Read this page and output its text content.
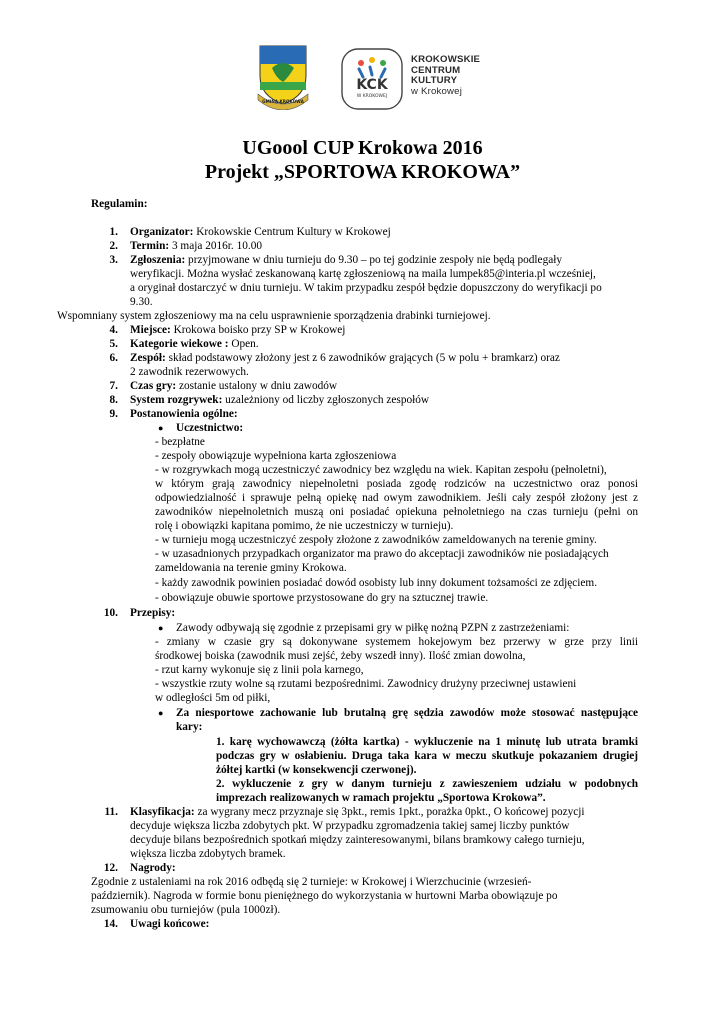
GMINA KROKOWA
KCK
W KROKOWEJ
KROKOWSKIE
CENTRUM
KULTURY
w Krokowej
UGoool CUP Krokowa 2016
Projekt „SPORTOWA KROKOWA”
Regulamin:
1. Organizator: Krokowskie Centrum Kultury w Krokowej
2. Termin: 3 maja 2016r. 10.00
3. Zgłoszenia: przyjmowane w dniu turnieju do 9.30 – po tej godzinie zespoły nie będą podlegały
weryfikacji. Można wysłać zeskanowaną kartę zgłoszeniową na maila lumpek85@interia.pl wcześniej,
a oryginał dostarczyć w dniu turnieju. W takim przypadku zespół będzie dopuszczony do weryfikacji po
9.30.
Wspomniany system zgłoszeniowy ma na celu usprawnienie sporządzenia drabinki turniejowej.
4. Miejsce: Krokowa boisko przy SP w Krokowej
5. Kategorie wiekowe : Open.
6. Zespół: skład podstawowy złożony jest z 6 zawodników grających (5 w polu + bramkarz) oraz
2 zawodnik rezerwowych.
7. Czas gry: zostanie ustalony w dniu zawodów
8. System rozgrywek: uzależniony od liczby zgłoszonych zespołów
9. Postanowienia ogólne:
● Uczestnictwo:
- bezpłatne
- zespoły obowiązuje wypełniona karta zgłoszeniowa
- w rozgrywkach mogą uczestniczyć zawodnicy bez względu na wiek. Kapitan zespołu (pełnoletni),
w którym grają zawodnicy niepełnoletni posiada zgodę rodziców na uczestnictwo oraz ponosi
odpowiedzialność i sprawuje pełną opiekę nad owym zawodnikiem. Jeśli cały zespół złożony jest z
zawodników niepełnoletnich muszą oni posiadać opiekuna pełnoletniego na czas turnieju (pełni on
rolę i obowiązki kapitana pomimo, że nie uczestniczy w turnieju).
- w turnieju mogą uczestniczyć zespoły złożone z zawodników zameldowanych na terenie gminy.
- w uzasadnionych przypadkach organizator ma prawo do akceptacji zawodników nie posiadających
zameldowania na terenie gminy Krokowa.
- każdy zawodnik powinien posiadać dowód osobisty lub inny dokument tożsamości ze zdjęciem.
- obowiązuje obuwie sportowe przystosowane do gry na sztucznej trawie.
10. Przepisy:
● Zawody odbywają się zgodnie z przepisami gry w piłkę nożną PZPN z zastrzeżeniami:
- zmiany w czasie gry są dokonywane systemem hokejowym bez przerwy w grze przy linii
środkowej boiska (zawodnik musi zejść, żeby wszedł inny). Ilość zmian dowolna,
- rzut karny wykonuje się z linii pola karnego,
- wszystkie rzuty wolne są rzutami bezpośrednimi. Zawodnicy drużyny przeciwnej ustawieni
w odległości 5m od piłki,
● Za niesportowe zachowanie lub brutalną grę sędzia zawodów może stosować następujące
kary:
1. karę wychowawczą (żółta kartka) - wykluczenie na 1 minutę lub utrata bramki
podczas gry w osłabieniu. Druga taka kara w meczu skutkuje pokazaniem drugiej
żółtej kartki (w konsekwencji czerwonej).
2. wykluczenie z gry w danym turnieju z zawieszeniem udziału w podobnych
imprezach realizowanych w ramach projektu „Sportowa Krokowa”.
11. Klasyfikacja: za wygrany mecz przyznaje się 3pkt., remis 1pkt., porażka 0pkt., O końcowej pozycji
decyduje większa liczba zdobytych pkt. W przypadku zgromadzenia takiej samej liczby punktów
decyduje bilans bezpośrednich spotkań między zainteresowanymi, bilans bramkowy całego turnieju,
większa liczba zdobytych bramek.
12. Nagrody:
Zgodnie z ustaleniami na rok 2016 odbędą się 2 turnieje: w Krokowej i Wierzchucinie (wrzesień-
październik). Nagroda w formie bonu pieniężnego do wykorzystania w hurtowni Marba obowiązuje po
zsumowaniu obu turniejów (pula 1000zł).
14. Uwagi końcowe:
